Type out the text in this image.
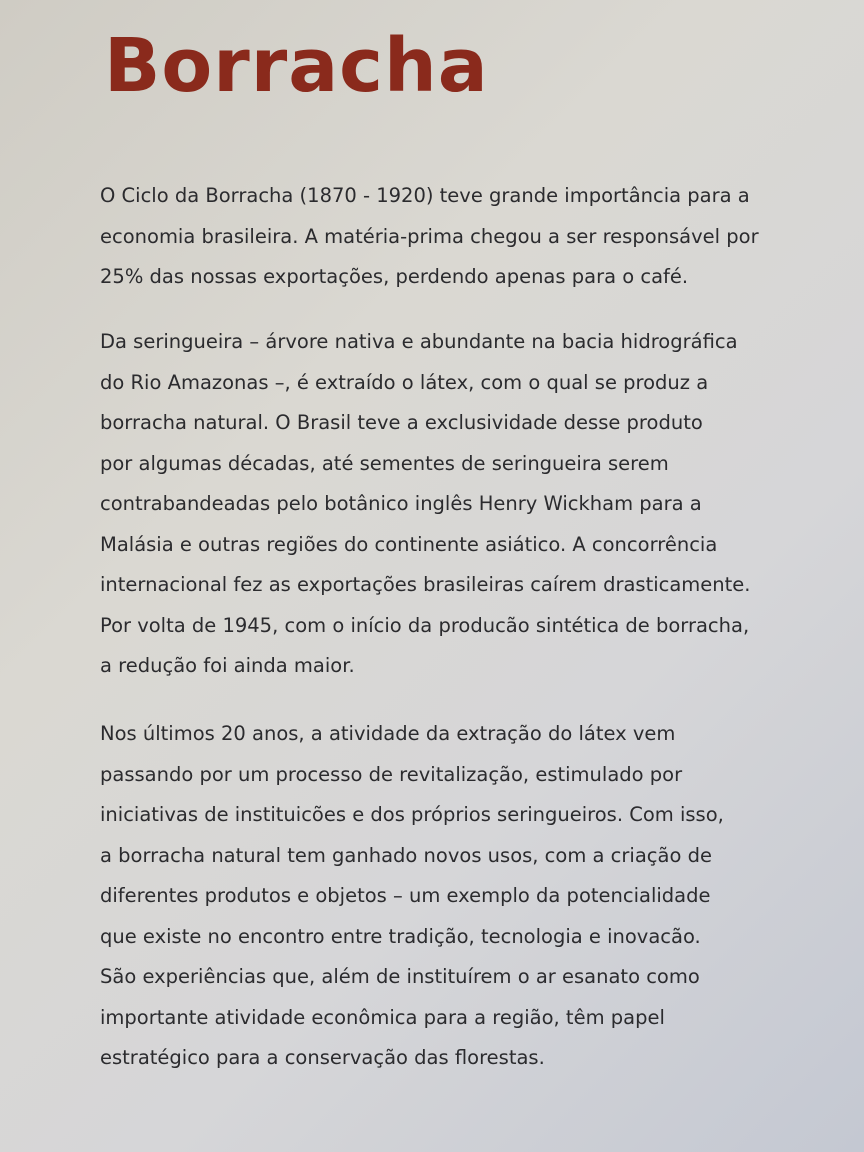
Borracha

O Ciclo da Borracha (1870 - 1920) teve grande importância para a
economia brasileira. A matéria-prima chegou a ser responsável por
25% das nossas exportações, perdendo apenas para o café.

Da seringueira – árvore nativa e abundante na bacia hidrográfica
do Rio Amazonas –, é extraído o látex, com o qual se produz a
borracha natural. O Brasil teve a exclusividade desse produto
por algumas décadas, até sementes de seringueira serem
contrabandeadas pelo botânico inglês Henry Wickham para a
Malásia e outras regiões do continente asiático. A concorrência
internacional fez as exportações brasileiras caírem drasticamente.
Por volta de 1945, com o início da producão sintética de borracha,
a redução foi ainda maior.

Nos últimos 20 anos, a atividade da extração do látex vem
passando por um processo de revitalização, estimulado por
iniciativas de instituicões e dos próprios seringueiros. Com isso,
a borracha natural tem ganhado novos usos, com a criação de
diferentes produtos e objetos – um exemplo da potencialidade
que existe no encontro entre tradição, tecnologia e inovacão.
São experiências que, além de instituírem o ar esanato como
importante atividade econômica para a região, têm papel
estratégico para a conservação das florestas.
